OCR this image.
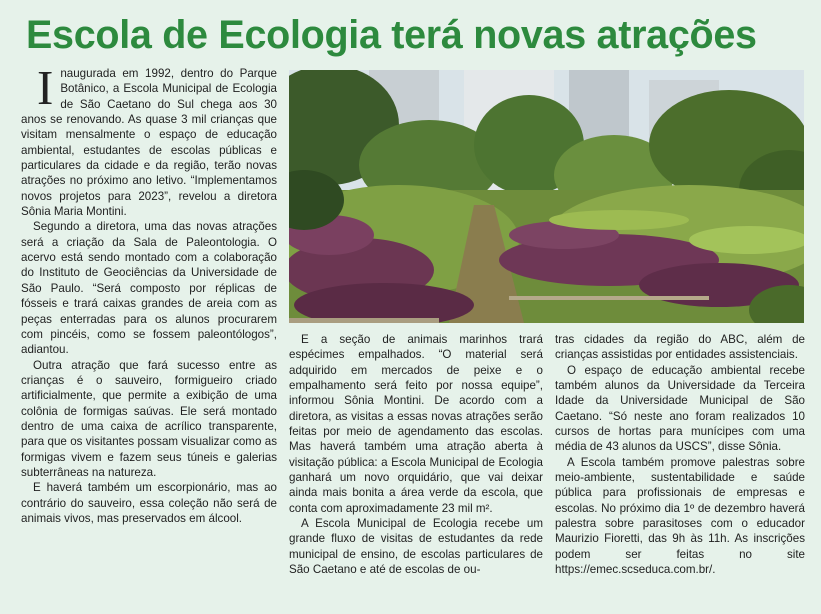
Escola de Ecologia terá novas atrações

Inaugurada em 1992, dentro do Parque Botânico, a Escola Municipal de Ecologia de São Caetano do Sul chega aos 30 anos se renovando. As quase 3 mil crianças que visitam mensalmente o espaço de educação ambiental, estudantes de escolas públicas e particulares da cidade e da região, terão novas atrações no próximo ano letivo. “Implementamos novos projetos para 2023”, revelou a diretora Sônia Maria Montini.

Segundo a diretora, uma das novas atrações será a criação da Sala de Paleontologia. O acervo está sendo montado com a colaboração do Instituto de Geociências da Universidade de São Paulo. “Será composto por réplicas de fósseis e trará caixas grandes de areia com as peças enterradas para os alunos procurarem com pincéis, como se fossem paleontólogos”, adiantou.

Outra atração que fará sucesso entre as crianças é o sauveiro, formigueiro criado artificialmente, que permite a exibição de uma colônia de formigas saúvas. Ele será montado dentro de uma caixa de acrílico transparente, para que os visitantes possam visualizar como as formigas vivem e fazem seus túneis e galerias subterrâneas na natureza.

E haverá também um escorpionário, mas ao contrário do sauveiro, essa coleção não será de animais vivos, mas preservados em álcool.

E a seção de animais marinhos trará espécimes empalhados. “O material será adquirido em mercados de peixe e o empalhamento será feito por nossa equipe”, informou Sônia Montini. De acordo com a diretora, as visitas a essas novas atrações serão feitas por meio de agendamento das escolas. Mas haverá também uma atração aberta à visitação pública: a Escola Municipal de Ecologia ganhará um novo orquidário, que vai deixar ainda mais bonita a área verde da escola, que conta com aproximadamente 23 mil m².

A Escola Municipal de Ecologia recebe um grande fluxo de visitas de estudantes da rede municipal de ensino, de escolas particulares de São Caetano e até de escolas de ou-

tras cidades da região do ABC, além de crianças assistidas por entidades assistenciais.

O espaço de educação ambiental recebe também alunos da Universidade da Terceira Idade da Universidade Municipal de São Caetano. “Só neste ano foram realizados 10 cursos de hortas para munícipes com uma média de 43 alunos da USCS”, disse Sônia.

A Escola também promove palestras sobre meio-ambiente, sustentabilidade e saúde pública para profissionais de empresas e escolas. No próximo dia 1º de dezembro haverá palestra sobre parasitoses com o educador Maurizio Fioretti, das 9h às 11h. As inscrições podem ser feitas no site https://emec.scseduca.com.br/.
